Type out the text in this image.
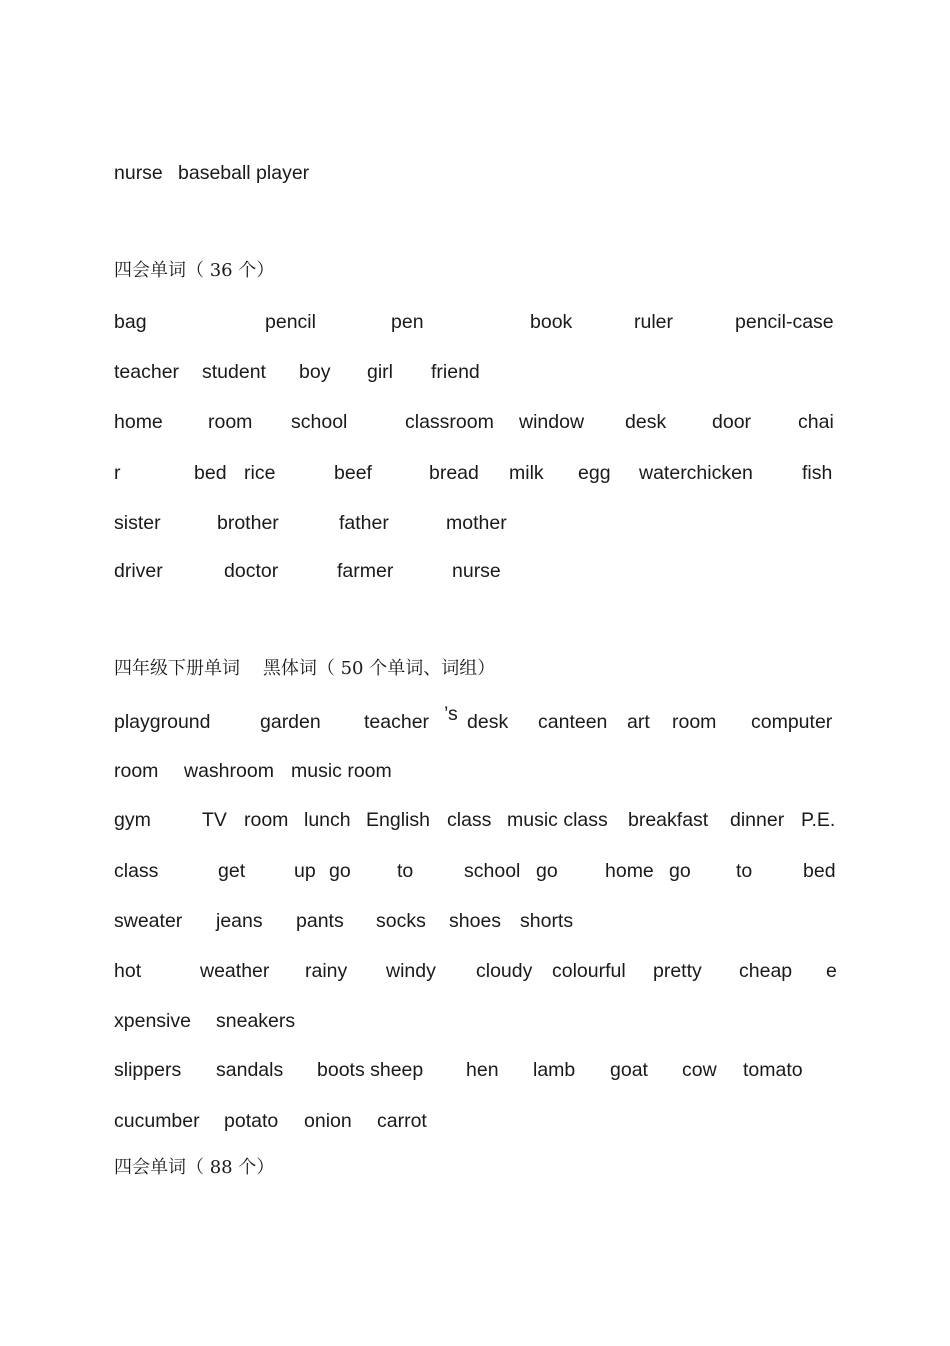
nurse

baseball player

四会单词（ 36 个）

bag

	pencil

	pen

	book

	ruler

	pencil-case

teacher

student

boy

girl

friend

home

room

school

	classroom

window

desk

door

chai

r

	bed

rice

	beef

	bread

milk

egg

waterchicken

	fish

sister

	brother

	father

	mother

driver

	doctor

	farmer

	nurse

四年级下册单词    黑体词（ 50 个单词、词组）

playground

	garden

teacher

’s

desk

canteen

art

room

computer

room

washroom

music room

gym

	TV

room

lunch

English

class

music class

breakfast

dinner

P.E.

class

	get

	up

go

to

	school

go

home

go

to

	bed

sweater

jeans

pants

socks

shoes

shorts

hot

	weather

rainy

windy

cloudy

colourful

pretty

cheap

e

xpensive

sneakers

slippers

sandals

boots sheep

hen

lamb

goat

cow

tomato

cucumber

potato

onion

carrot

四会单词（ 88 个）
